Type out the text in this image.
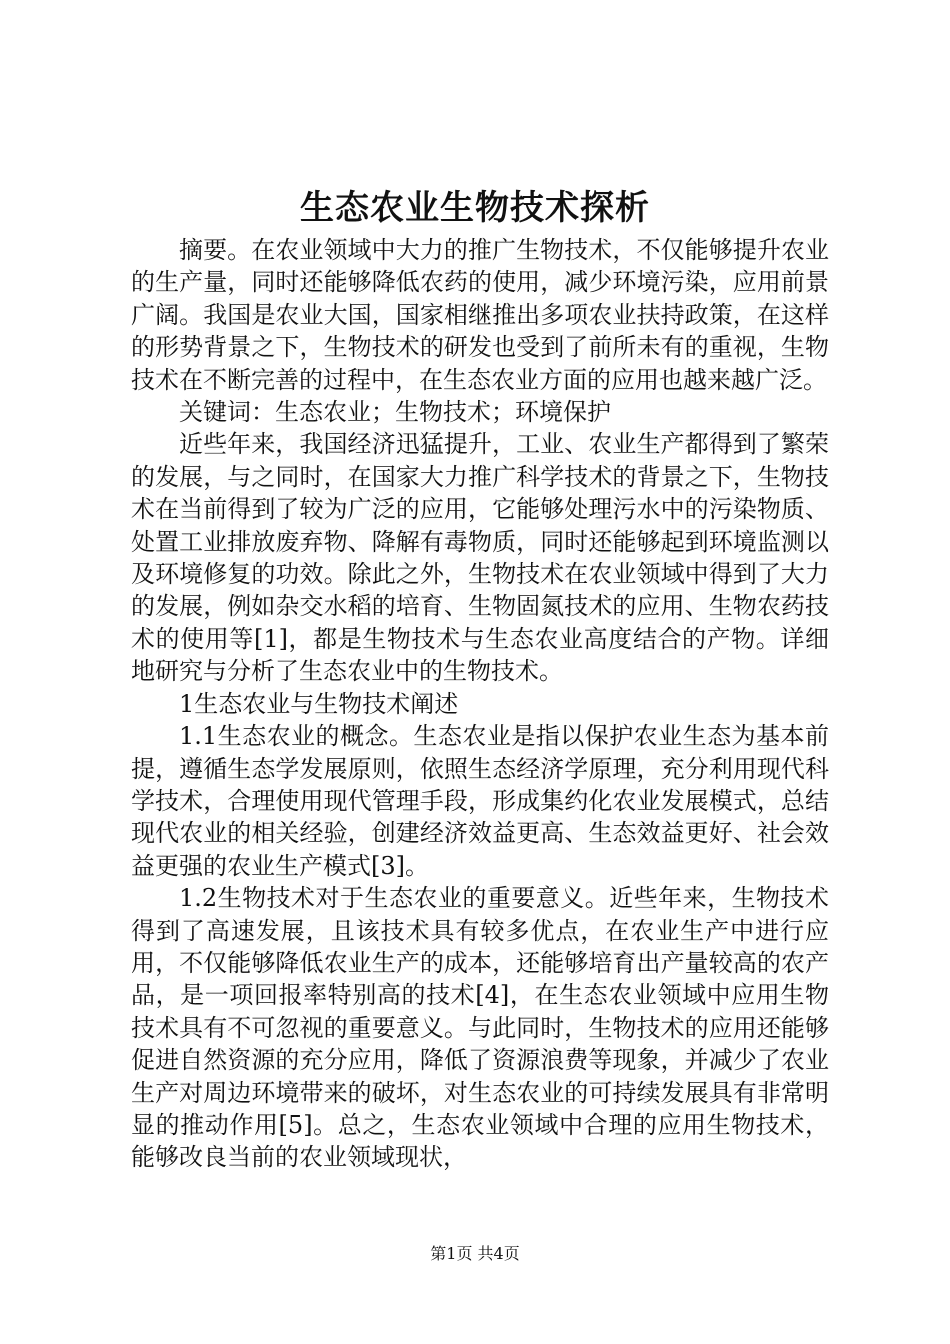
生态农业生物技术探析

摘要。在农业领域中大力的推广生物技术，不仅能够提升农业的生产量，同时还能够降低农药的使用，减少环境污染，应用前景广阔。我国是农业大国，国家相继推出多项农业扶持政策，在这样的形势背景之下，生物技术的研发也受到了前所未有的重视，生物技术在不断完善的过程中，在生态农业方面的应用也越来越广泛。

关键词：生态农业；生物技术；环境保护

近些年来，我国经济迅猛提升，工业、农业生产都得到了繁荣的发展，与之同时，在国家大力推广科学技术的背景之下，生物技术在当前得到了较为广泛的应用，它能够处理污水中的污染物质、处置工业排放废弃物、降解有毒物质，同时还能够起到环境监测以及环境修复的功效。除此之外，生物技术在农业领域中得到了大力的发展，例如杂交水稻的培育、生物固氮技术的应用、生物农药技术的使用等[1]，都是生物技术与生态农业高度结合的产物。详细地研究与分析了生态农业中的生物技术。

1生态农业与生物技术阐述

1.1生态农业的概念。生态农业是指以保护农业生态为基本前提，遵循生态学发展原则，依照生态经济学原理，充分利用现代科学技术，合理使用现代管理手段，形成集约化农业发展模式，总结现代农业的相关经验，创建经济效益更高、生态效益更好、社会效益更强的农业生产模式[3]。

1.2生物技术对于生态农业的重要意义。近些年来，生物技术得到了高速发展，且该技术具有较多优点，在农业生产中进行应用，不仅能够降低农业生产的成本，还能够培育出产量较高的农产品，是一项回报率特别高的技术[4]，在生态农业领域中应用生物技术具有不可忽视的重要意义。与此同时，生物技术的应用还能够促进自然资源的充分应用，降低了资源浪费等现象，并减少了农业生产对周边环境带来的破坏，对生态农业的可持续发展具有非常明显的推动作用[5]。总之，生态农业领域中合理的应用生物技术，能够改良当前的农业领域现状，

第1页 共4页
